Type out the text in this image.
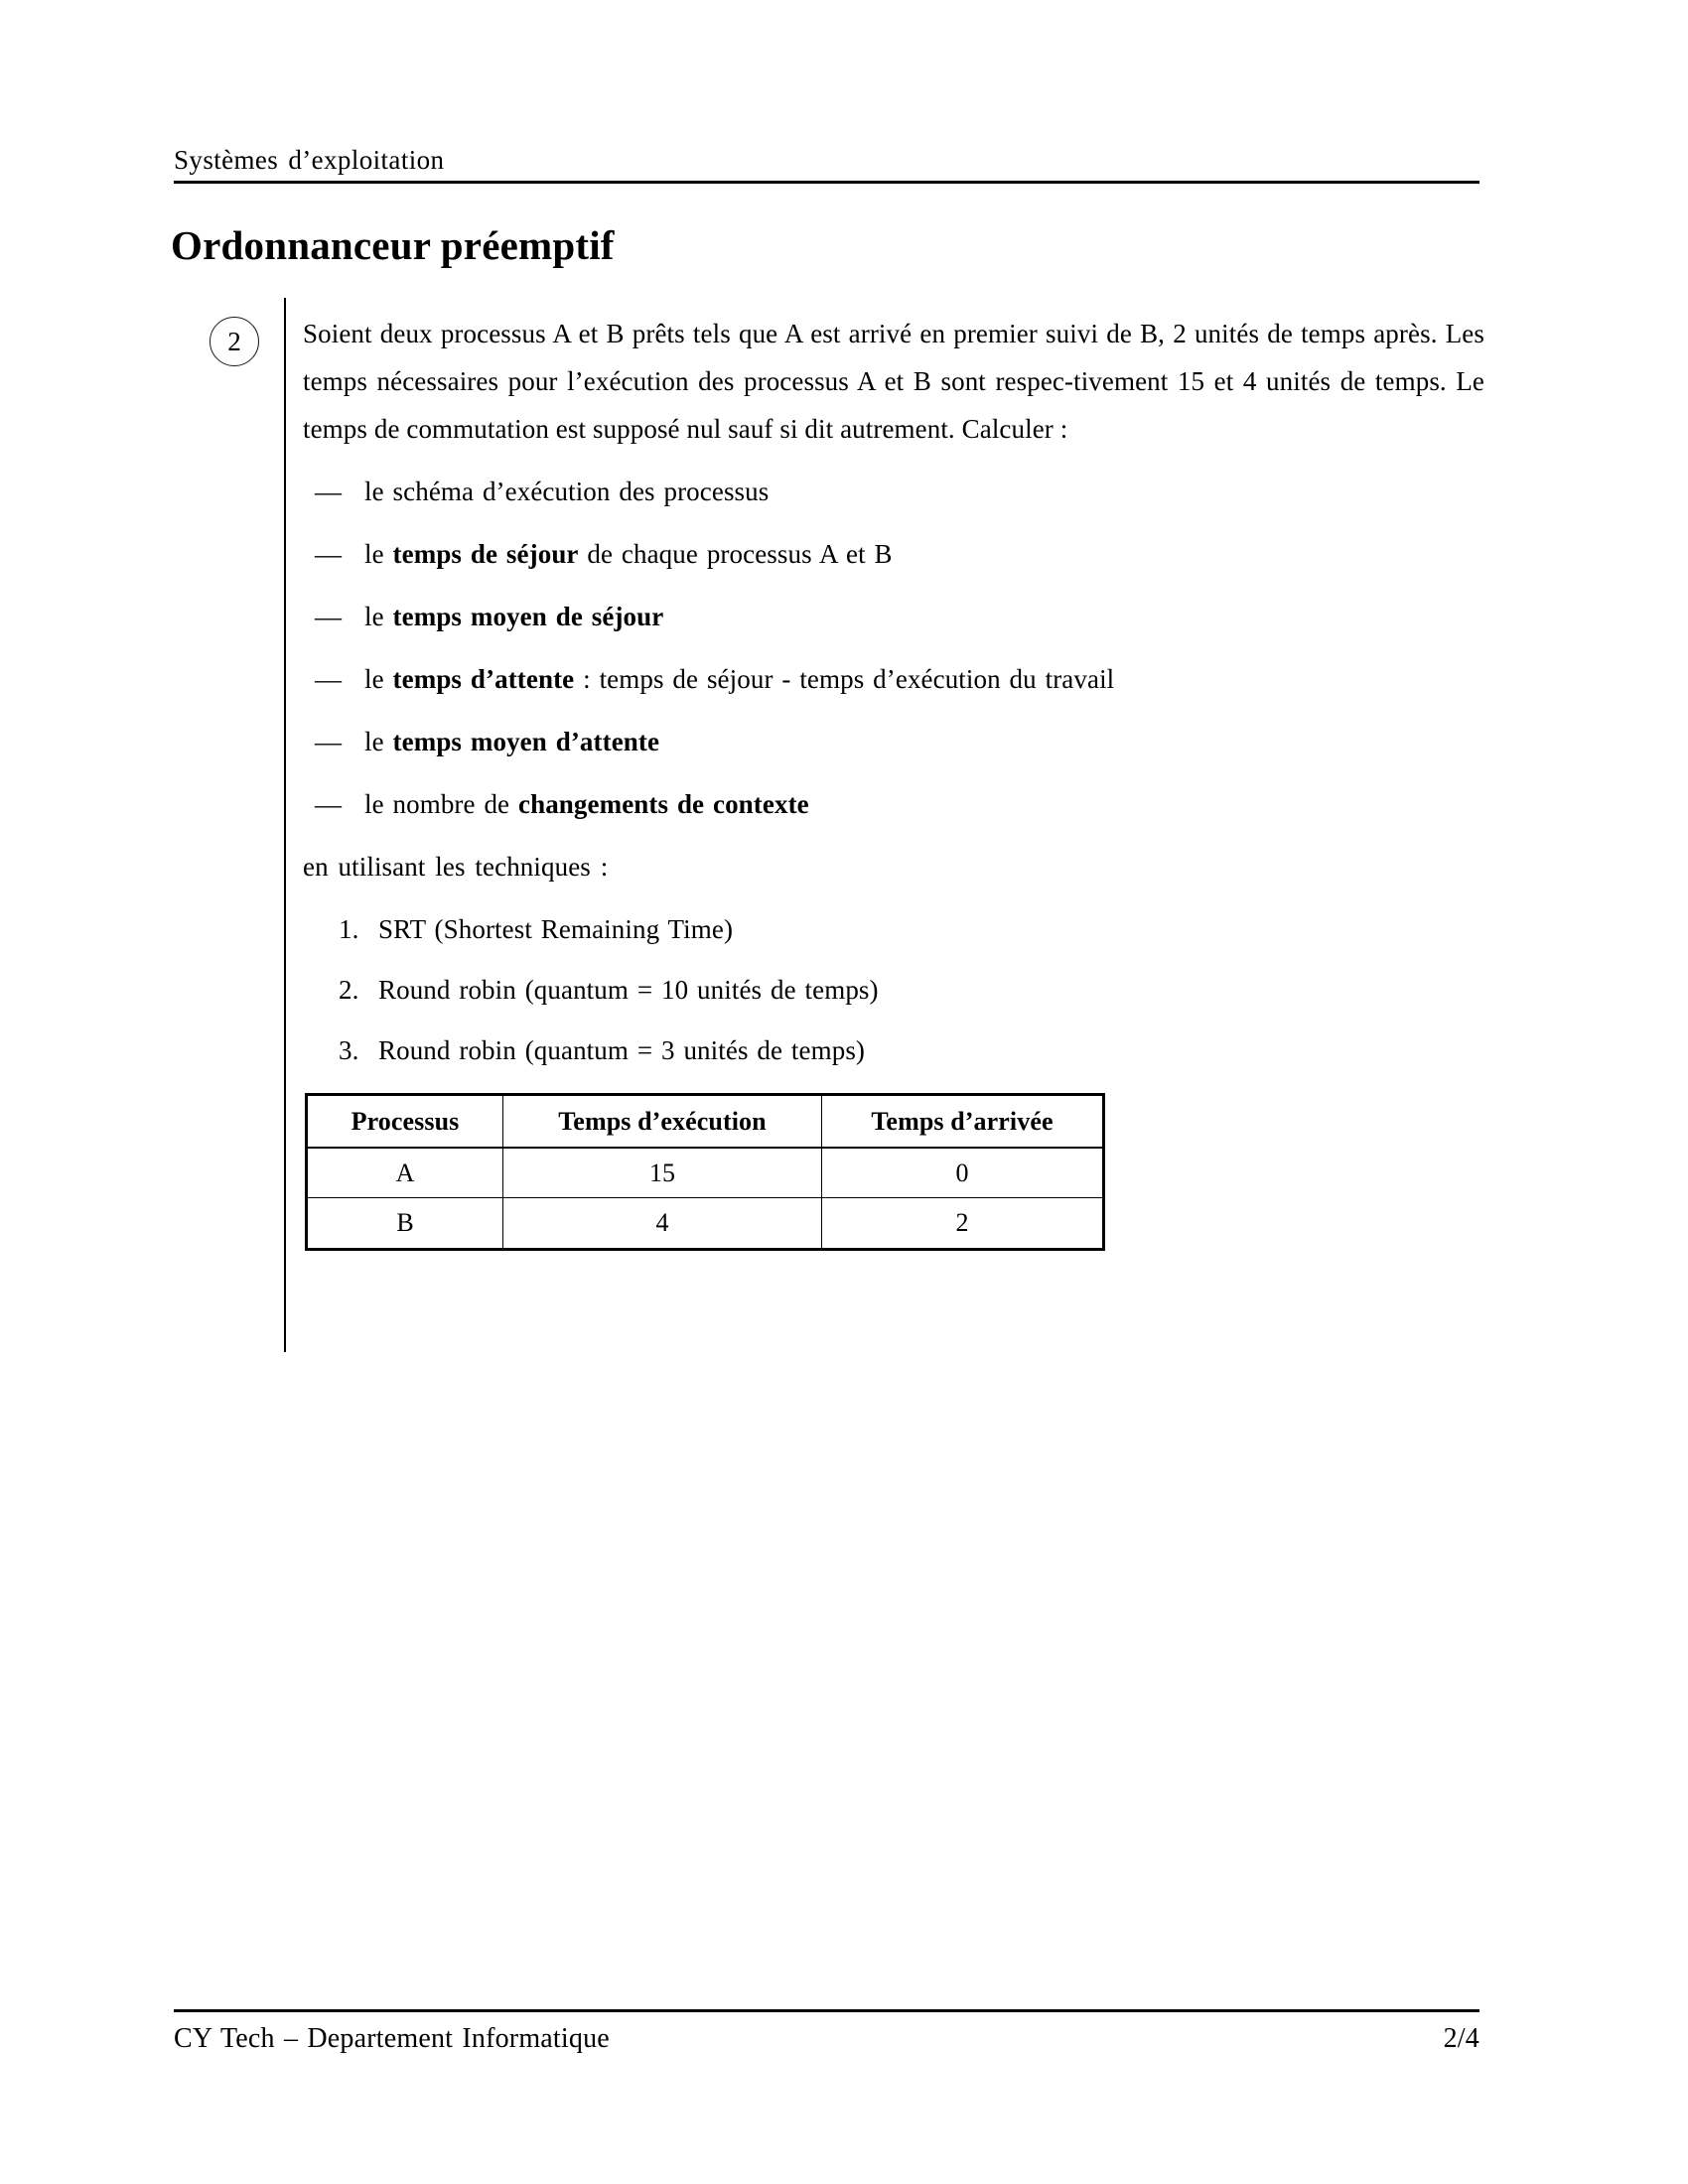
Systèmes d’exploitation
Ordonnanceur préemptif
2 Soient deux processus A et B prêts tels que A est arrivé en premier suivi de B, 2 unités de temps après. Les temps nécessaires pour l’exécution des processus A et B sont respec-tivement 15 et 4 unités de temps. Le temps de commutation est supposé nul sauf si dit autrement. Calculer :

— le schéma d’exécution des processus
— le temps de séjour de chaque processus A et B
— le temps moyen de séjour
— le temps d’attente : temps de séjour - temps d’exécution du travail
— le temps moyen d’attente
— le nombre de changements de contexte

en utilisant les techniques :

1. SRT (Shortest Remaining Time)
2. Round robin (quantum = 10 unités de temps)
3. Round robin (quantum = 3 unités de temps)
Processus	Temps d’exécution	Temps d’arrivée
A	15	0
B	4	2
CY Tech – Departement Informatique	2/4
